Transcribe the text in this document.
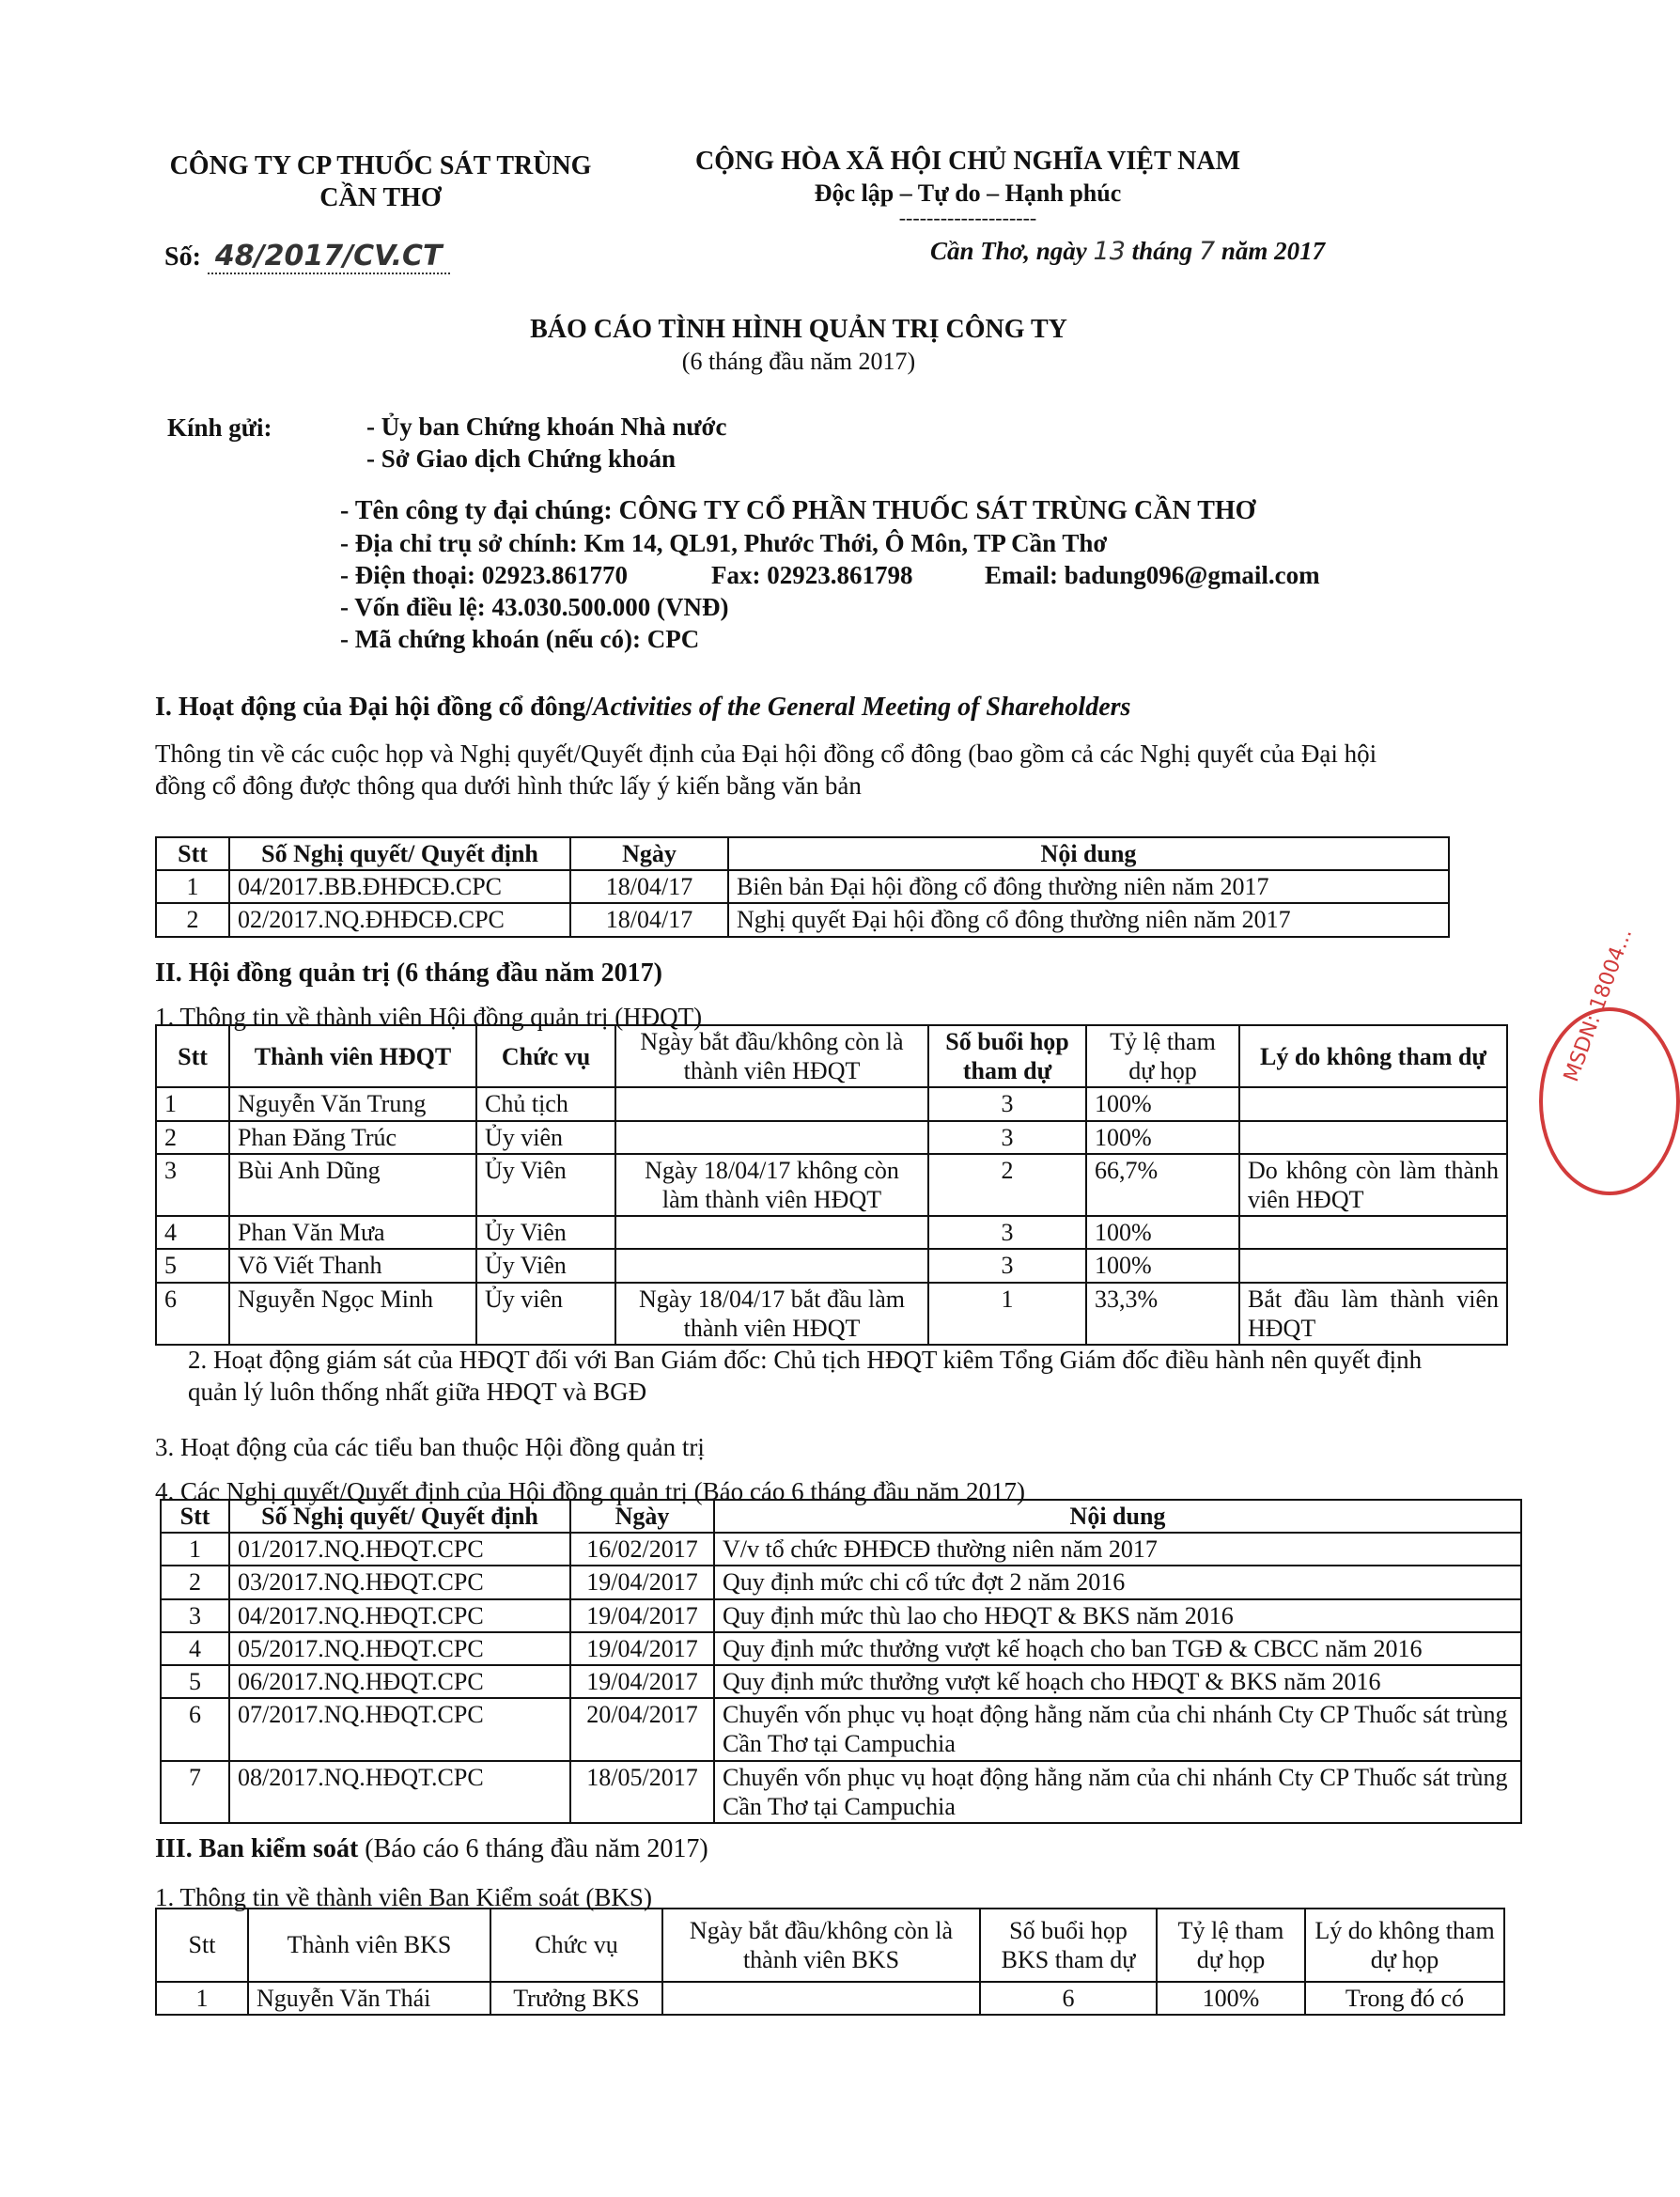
CÔNG TY CP THUỐC SÁT TRÙNG
CẦN THƠ
Số: 48/2017/CV.CT
CỘNG HÒA XÃ HỘI CHỦ NGHĨA VIỆT NAM
Độc lập – Tự do – Hạnh phúc
--------------------
Cần Thơ, ngày 13 tháng 7 năm 2017
BÁO CÁO TÌNH HÌNH QUẢN TRỊ CÔNG TY
(6 tháng đầu năm 2017)
Kính gửi:	- Ủy ban Chứng khoán Nhà nước
- Sở Giao dịch Chứng khoán
- Tên công ty đại chúng: CÔNG TY CỔ PHẦN THUỐC SÁT TRÙNG CẦN THƠ
- Địa chỉ trụ sở chính: Km 14, QL91, Phước Thới, Ô Môn, TP Cần Thơ
- Điện thoại: 02923.861770	Fax: 02923.861798	Email: badung096@gmail.com
- Vốn điều lệ: 43.030.500.000 (VNĐ)
- Mã chứng khoán (nếu có): CPC
I. Hoạt động của Đại hội đồng cổ đông/Activities of the General Meeting of Shareholders
Thông tin về các cuộc họp và Nghị quyết/Quyết định của Đại hội đồng cổ đông (bao gồm cả các Nghị quyết của Đại hội đồng cổ đông được thông qua dưới hình thức lấy ý kiến bằng văn bản
Stt	Số Nghị quyết/ Quyết định	Ngày	Nội dung
1	04/2017.BB.ĐHĐCĐ.CPC	18/04/17	Biên bản Đại hội đồng cổ đông thường niên năm 2017
2	02/2017.NQ.ĐHĐCĐ.CPC	18/04/17	Nghị quyết Đại hội đồng cổ đông thường niên năm 2017
II. Hội đồng quản trị (6 tháng đầu năm 2017)
1. Thông tin về thành viên Hội đồng quản trị (HĐQT)
Stt	Thành viên HĐQT	Chức vụ	Ngày bắt đầu/không còn là thành viên HĐQT	Số buổi họp tham dự	Tỷ lệ tham dự họp	Lý do không tham dự
1	Nguyễn Văn Trung	Chủ tịch		3	100%	
2	Phan Đăng Trúc	Ủy viên		3	100%	
3	Bùi Anh Dũng	Ủy Viên	Ngày 18/04/17 không còn làm thành viên HĐQT	2	66,7%	Do không còn làm thành viên HĐQT
4	Phan Văn Mưa	Ủy Viên		3	100%	
5	Võ Viết Thanh	Ủy Viên		3	100%	
6	Nguyễn Ngọc Minh	Ủy viên	Ngày 18/04/17 bắt đầu làm thành viên HĐQT	1	33,3%	Bắt đầu làm thành viên HĐQT
2. Hoạt động giám sát của HĐQT đối với Ban Giám đốc: Chủ tịch HĐQT kiêm Tổng Giám đốc điều hành nên quyết định quản lý luôn thống nhất giữa HĐQT và BGĐ
3. Hoạt động của các tiểu ban thuộc Hội đồng quản trị
4. Các Nghị quyết/Quyết định của Hội đồng quản trị (Báo cáo 6 tháng đầu năm 2017)
Stt	Số Nghị quyết/ Quyết định	Ngày	Nội dung
1	01/2017.NQ.HĐQT.CPC	16/02/2017	V/v tổ chức ĐHĐCĐ thường niên năm 2017
2	03/2017.NQ.HĐQT.CPC	19/04/2017	Quy định mức chi cổ tức đợt 2 năm 2016
3	04/2017.NQ.HĐQT.CPC	19/04/2017	Quy định mức thù lao cho HĐQT & BKS năm 2016
4	05/2017.NQ.HĐQT.CPC	19/04/2017	Quy định mức thưởng vượt kế hoạch cho ban TGĐ & CBCC năm 2016
5	06/2017.NQ.HĐQT.CPC	19/04/2017	Quy định mức thưởng vượt kế hoạch cho HĐQT & BKS năm 2016
6	07/2017.NQ.HĐQT.CPC	20/04/2017	Chuyển vốn phục vụ hoạt động hằng năm của chi nhánh Cty CP Thuốc sát trùng Cần Thơ tại Campuchia
7	08/2017.NQ.HĐQT.CPC	18/05/2017	Chuyển vốn phục vụ hoạt động hằng năm của chi nhánh Cty CP Thuốc sát trùng Cần Thơ tại Campuchia
III. Ban kiểm soát (Báo cáo 6 tháng đầu năm 2017)
1. Thông tin về thành viên Ban Kiểm soát (BKS)
Stt	Thành viên BKS	Chức vụ	Ngày bắt đầu/không còn là thành viên BKS	Số buổi họp BKS tham dự	Tỷ lệ tham dự họp	Lý do không tham dự họp
1	Nguyễn Văn Thái	Trưởng BKS		6	100%	Trong đó có
MSDN: 18004...
